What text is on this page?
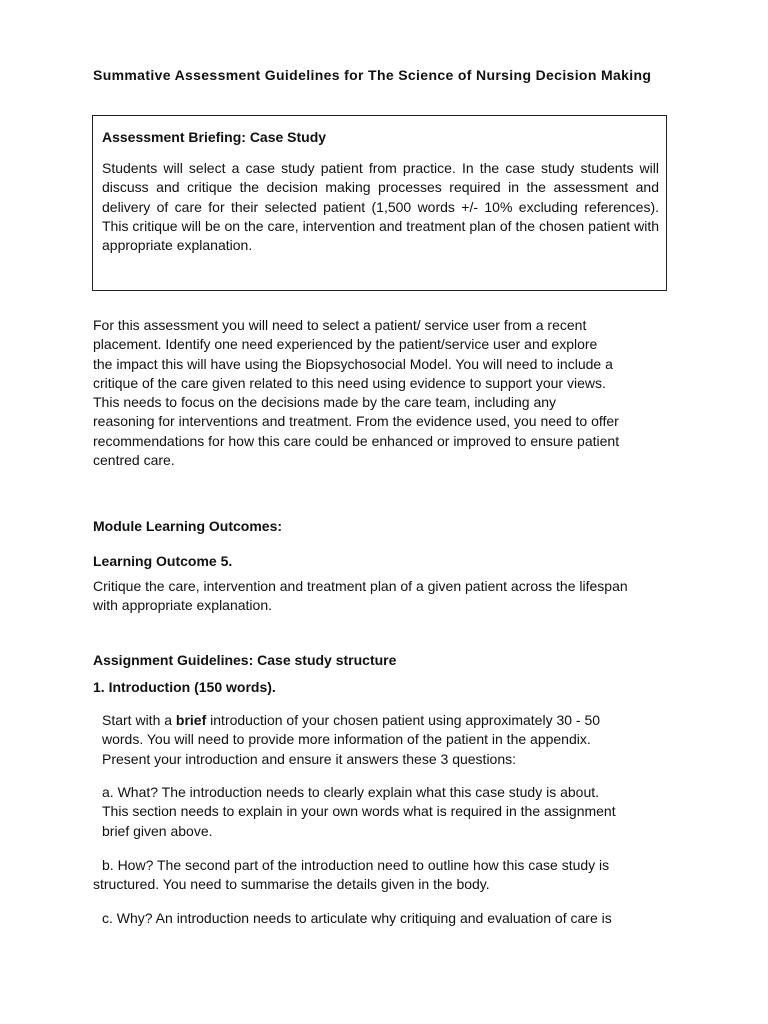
Summative Assessment Guidelines for The Science of Nursing Decision Making
Assessment Briefing: Case Study
Students will select a case study patient from practice. In the case study students will discuss and critique the decision making processes required in the assessment and delivery of care for their selected patient (1,500 words +/- 10% excluding references). This critique will be on the care, intervention and treatment plan of the chosen patient with appropriate explanation.
For this assessment you will need to select a patient/ service user from a recent
placement. Identify one need experienced by the patient/service user and explore
the impact this will have using the Biopsychosocial Model. You will need to include a
critique of the care given related to this need using evidence to support your views.
This needs to focus on the decisions made by the care team, including any
reasoning for interventions and treatment. From the evidence used, you need to offer
recommendations for how this care could be enhanced or improved to ensure patient
centred care.
Module Learning Outcomes:
Learning Outcome 5.
Critique the care, intervention and treatment plan of a given patient across the lifespan
with appropriate explanation.
Assignment Guidelines: Case study structure
1. Introduction (150 words).
Start with a brief introduction of your chosen patient using approximately 30 - 50
words. You will need to provide more information of the patient in the appendix.
Present your introduction and ensure it answers these 3 questions:
a. What? The introduction needs to clearly explain what this case study is about.
This section needs to explain in your own words what is required in the assignment
brief given above.
b. How? The second part of the introduction need to outline how this case study is
structured. You need to summarise the details given in the body.
c. Why? An introduction needs to articulate why critiquing and evaluation of care is
